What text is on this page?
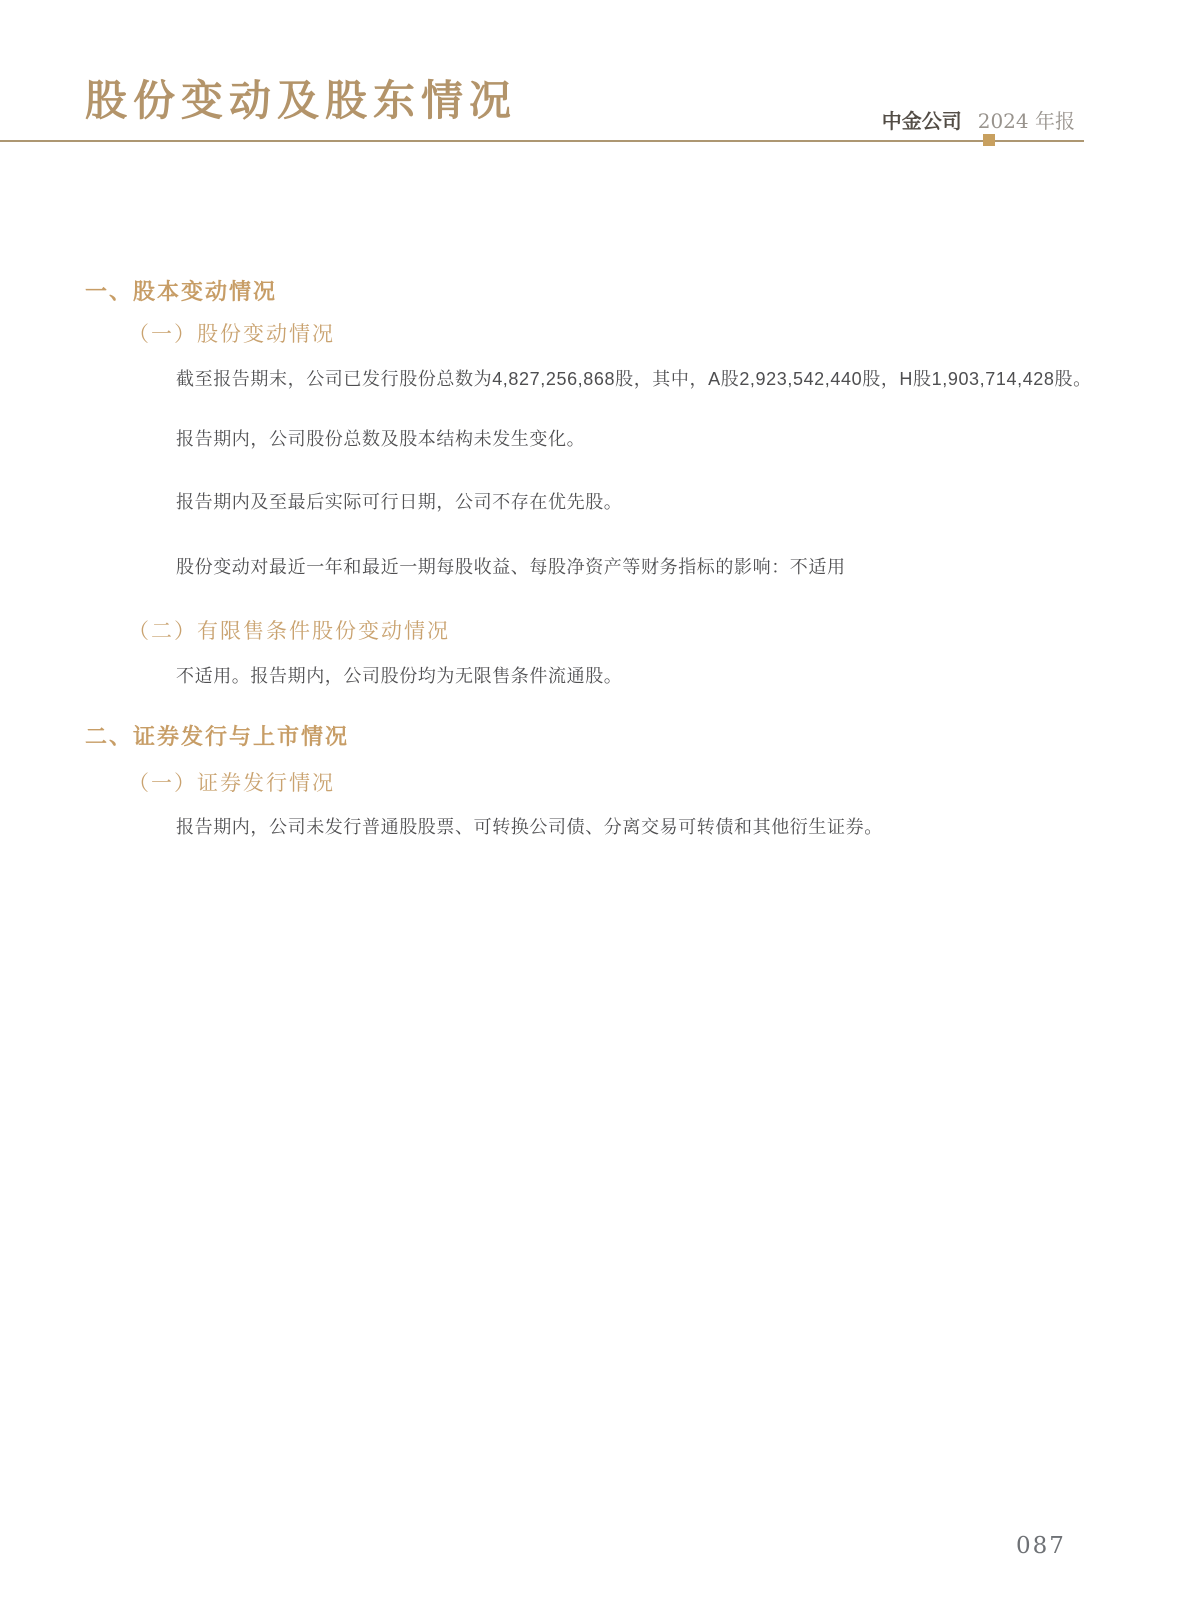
股份变动及股东情况	中金公司 2024 年报
一、股本变动情况
（一）股份变动情况

截至报告期末，公司已发行股份总数为4,827,256,868股，其中，A股2,923,542,440股，H股1,903,714,428股。

报告期内，公司股份总数及股本结构未发生变化。

报告期内及至最后实际可行日期，公司不存在优先股。

股份变动对最近一年和最近一期每股收益、每股净资产等财务指标的影响：不适用

（二）有限售条件股份变动情况

不适用。报告期内，公司股份均为无限售条件流通股。

二、证券发行与上市情况
（一）证券发行情况

报告期内，公司未发行普通股股票、可转换公司债、分离交易可转债和其他衍生证券。

087
